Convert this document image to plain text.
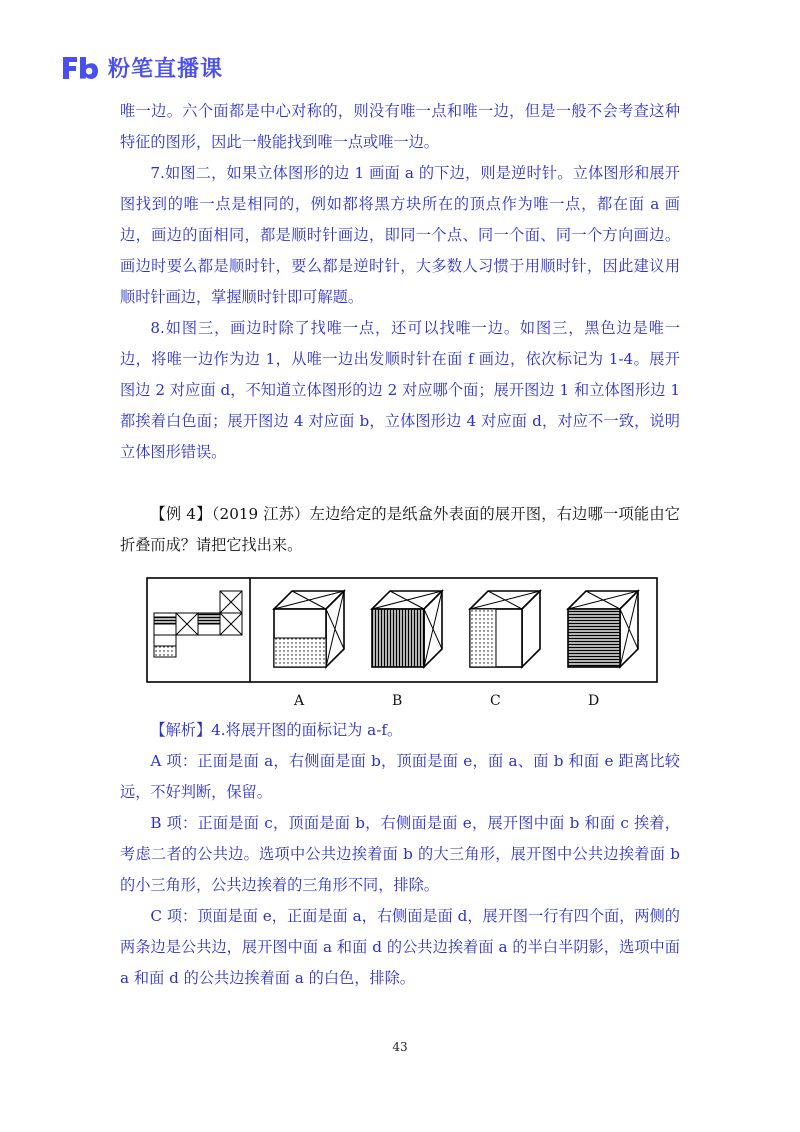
粉笔直播课

唯一边。六个面都是中心对称的，则没有唯一点和唯一边，但是一般不会考查这种特征的图形，因此一般能找到唯一点或唯一边。

7.如图二，如果立体图形的边 1 画面 a 的下边，则是逆时针。立体图形和展开图找到的唯一点是相同的，例如都将黑方块所在的顶点作为唯一点，都在面 a 画边，画边的面相同，都是顺时针画边，即同一个点、同一个面、同一个方向画边。画边时要么都是顺时针，要么都是逆时针，大多数人习惯于用顺时针，因此建议用顺时针画边，掌握顺时针即可解题。

8.如图三，画边时除了找唯一点，还可以找唯一边。如图三，黑色边是唯一边，将唯一边作为边 1，从唯一边出发顺时针在面 f 画边，依次标记为 1-4。展开图边 2 对应面 d，不知道立体图形的边 2 对应哪个面；展开图边 1 和立体图形边 1 都挨着白色面；展开图边 4 对应面 b，立体图形边 4 对应面 d，对应不一致，说明立体图形错误。

【例 4】（2019 江苏）左边给定的是纸盒外表面的展开图，右边哪一项能由它折叠而成？请把它找出来。

A	B	C	D

【解析】4.将展开图的面标记为 a-f。

A 项：正面是面 a，右侧面是面 b，顶面是面 e，面 a、面 b 和面 e 距离比较远，不好判断，保留。

B 项：正面是面 c，顶面是面 b，右侧面是面 e，展开图中面 b 和面 c 挨着，考虑二者的公共边。选项中公共边挨着面 b 的大三角形，展开图中公共边挨着面 b 的小三角形，公共边挨着的三角形不同，排除。

C 项：顶面是面 e，正面是面 a，右侧面是面 d，展开图一行有四个面，两侧的两条边是公共边，展开图中面 a 和面 d 的公共边挨着面 a 的半白半阴影，选项中面 a 和面 d 的公共边挨着面 a 的白色，排除。

43
